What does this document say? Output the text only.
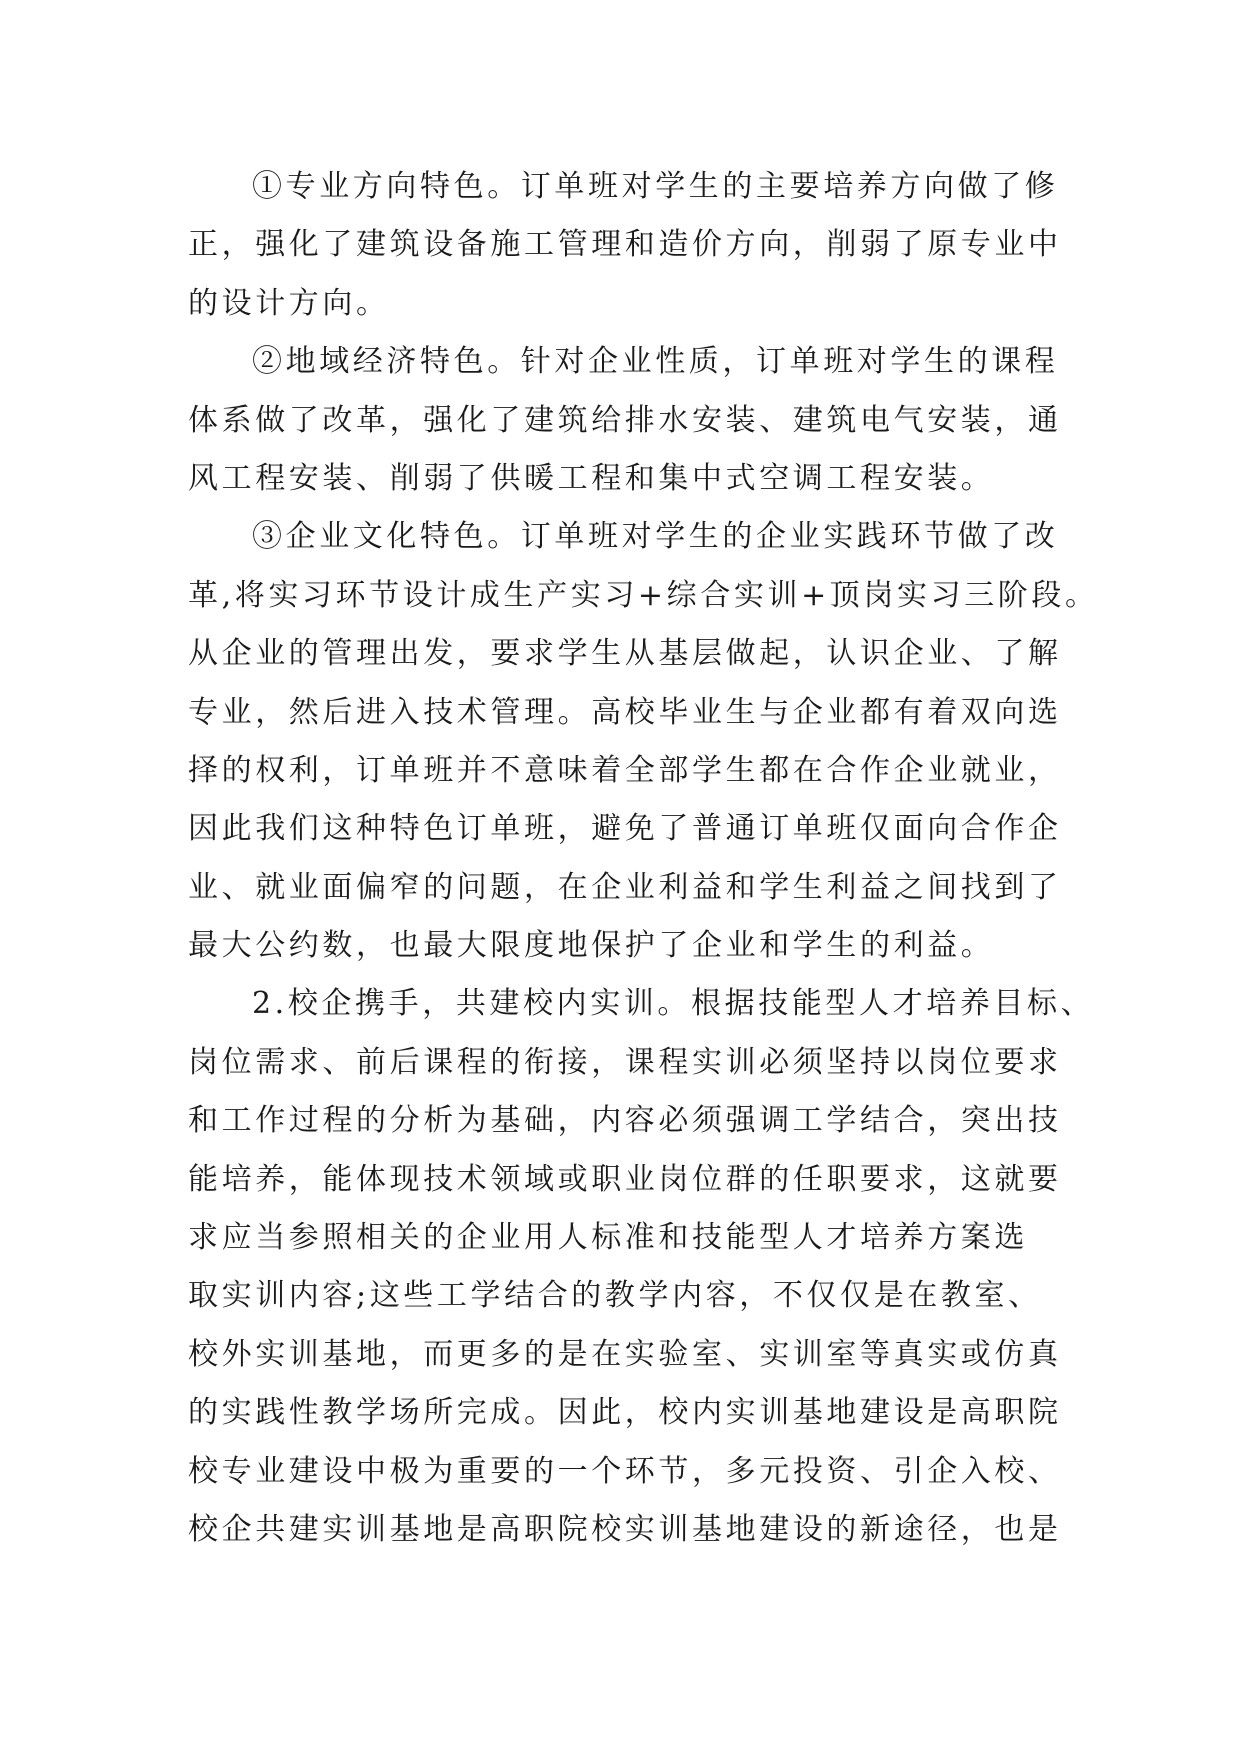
①专业方向特色。订单班对学生的主要培养方向做了修
正，强化了建筑设备施工管理和造价方向，削弱了原专业中
的设计方向。
②地域经济特色。针对企业性质，订单班对学生的课程
体系做了改革，强化了建筑给排水安装、建筑电气安装，通
风工程安装、削弱了供暖工程和集中式空调工程安装。
③企业文化特色。订单班对学生的企业实践环节做了改
革,将实习环节设计成生产实习+综合实训+顶岗实习三阶段。
从企业的管理出发，要求学生从基层做起，认识企业、了解
专业，然后进入技术管理。高校毕业生与企业都有着双向选
择的权利，订单班并不意味着全部学生都在合作企业就业，
因此我们这种特色订单班，避免了普通订单班仅面向合作企
业、就业面偏窄的问题，在企业利益和学生利益之间找到了
最大公约数，也最大限度地保护了企业和学生的利益。
2.校企携手，共建校内实训。根据技能型人才培养目标、
岗位需求、前后课程的衔接，课程实训必须坚持以岗位要求
和工作过程的分析为基础，内容必须强调工学结合，突出技
能培养，能体现技术领域或职业岗位群的任职要求，这就要
求应当参照相关的企业用人标准和技能型人才培养方案选
取实训内容;这些工学结合的教学内容，不仅仅是在教室、
校外实训基地，而更多的是在实验室、实训室等真实或仿真
的实践性教学场所完成。因此，校内实训基地建设是高职院
校专业建设中极为重要的一个环节，多元投资、引企入校、
校企共建实训基地是高职院校实训基地建设的新途径，也是
